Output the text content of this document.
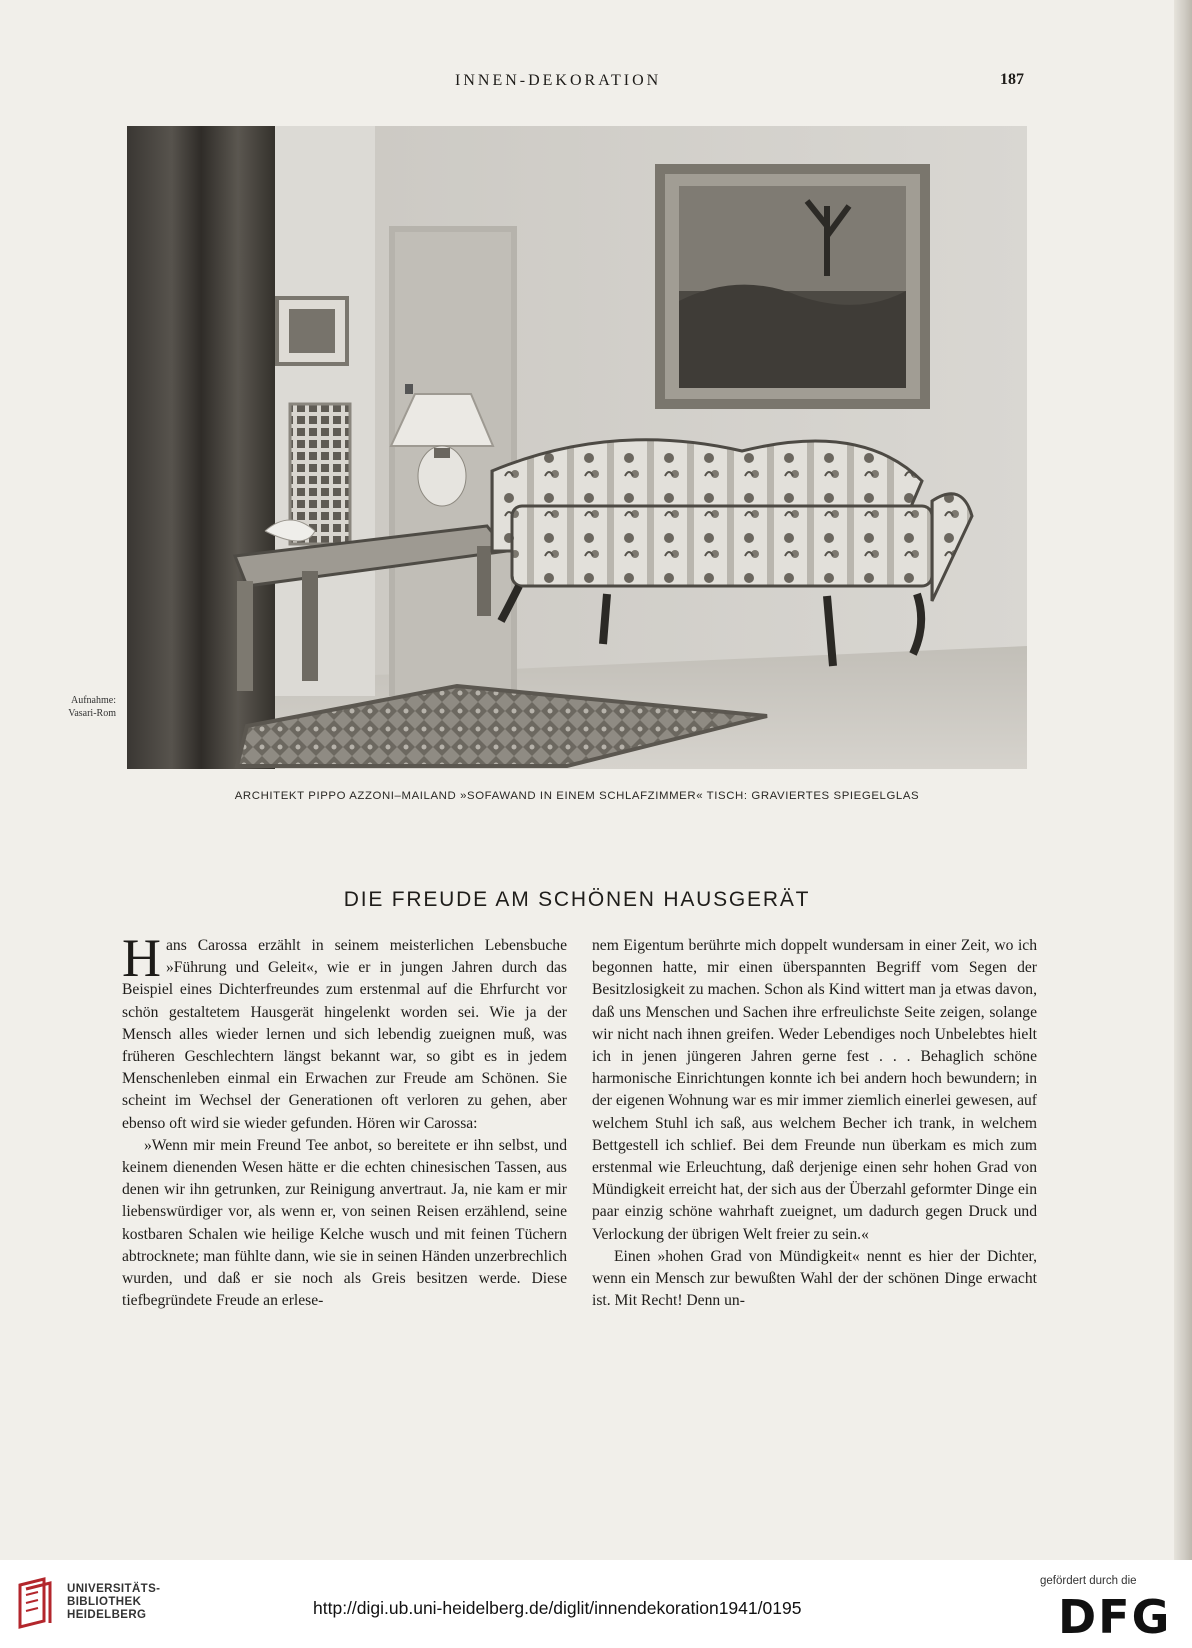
INNEN-DEKORATION	187
Aufnahme:
Vasari-Rom
ARCHITEKT PIPPO AZZONI–MAILAND »SOFAWAND IN EINEM SCHLAFZIMMER« TISCH: GRAVIERTES SPIEGELGLAS
DIE FREUDE AM SCHÖNEN HAUSGERÄT

Hans Carossa erzählt in seinem meisterlichen Lebensbuche »Führung und Geleit«, wie er in jungen Jahren durch das Beispiel eines Dichterfreundes zum erstenmal auf die Ehrfurcht vor schön gestaltetem Hausgerät hingelenkt worden sei. Wie ja der Mensch alles wieder lernen und sich lebendig zueignen muß, was früheren Geschlechtern längst bekannt war, so gibt es in jedem Menschenleben einmal ein Erwachen zur Freude am Schönen. Sie scheint im Wechsel der Generationen oft verloren zu gehen, aber ebenso oft wird sie wieder gefunden. Hören wir Carossa:

»Wenn mir mein Freund Tee anbot, so bereitete er ihn selbst, und keinem dienenden Wesen hätte er die echten chinesischen Tassen, aus denen wir ihn getrunken, zur Reinigung anvertraut. Ja, nie kam er mir liebenswürdiger vor, als wenn er, von seinen Reisen erzählend, seine kostbaren Schalen wie heilige Kelche wusch und mit feinen Tüchern abtrocknete; man fühlte dann, wie sie in seinen Händen unzerbrechlich wurden, und daß er sie noch als Greis besitzen werde. Diese tiefbegründete Freude an erlese-

nem Eigentum berührte mich doppelt wundersam in einer Zeit, wo ich begonnen hatte, mir einen überspannten Begriff vom Segen der Besitzlosigkeit zu machen. Schon als Kind wittert man ja etwas davon, daß uns Menschen und Sachen ihre erfreulichste Seite zeigen, solange wir nicht nach ihnen greifen. Weder Lebendiges noch Unbelebtes hielt ich in jenen jüngeren Jahren gerne fest . . . Behaglich schöne harmonische Einrichtungen konnte ich bei andern hoch bewundern; in der eigenen Wohnung war es mir immer ziemlich einerlei gewesen, auf welchem Stuhl ich saß, aus welchem Becher ich trank, in welchem Bettgestell ich schlief. Bei dem Freunde nun überkam es mich zum erstenmal wie Erleuchtung, daß derjenige einen sehr hohen Grad von Mündigkeit erreicht hat, der sich aus der Überzahl geformter Dinge ein paar einzig schöne wahrhaft zueignet, um dadurch gegen Druck und Verlockung der übrigen Welt freier zu sein.«

Einen »hohen Grad von Mündigkeit« nennt es hier der Dichter, wenn ein Mensch zur bewußten Wahl der der schönen Dinge erwacht ist. Mit Recht! Denn un-

UNIVERSITÄTS-
BIBLIOTHEK
HEIDELBERG	http://digi.ub.uni-heidelberg.de/diglit/innendekoration1941/0195
gefördert durch die
DFG
